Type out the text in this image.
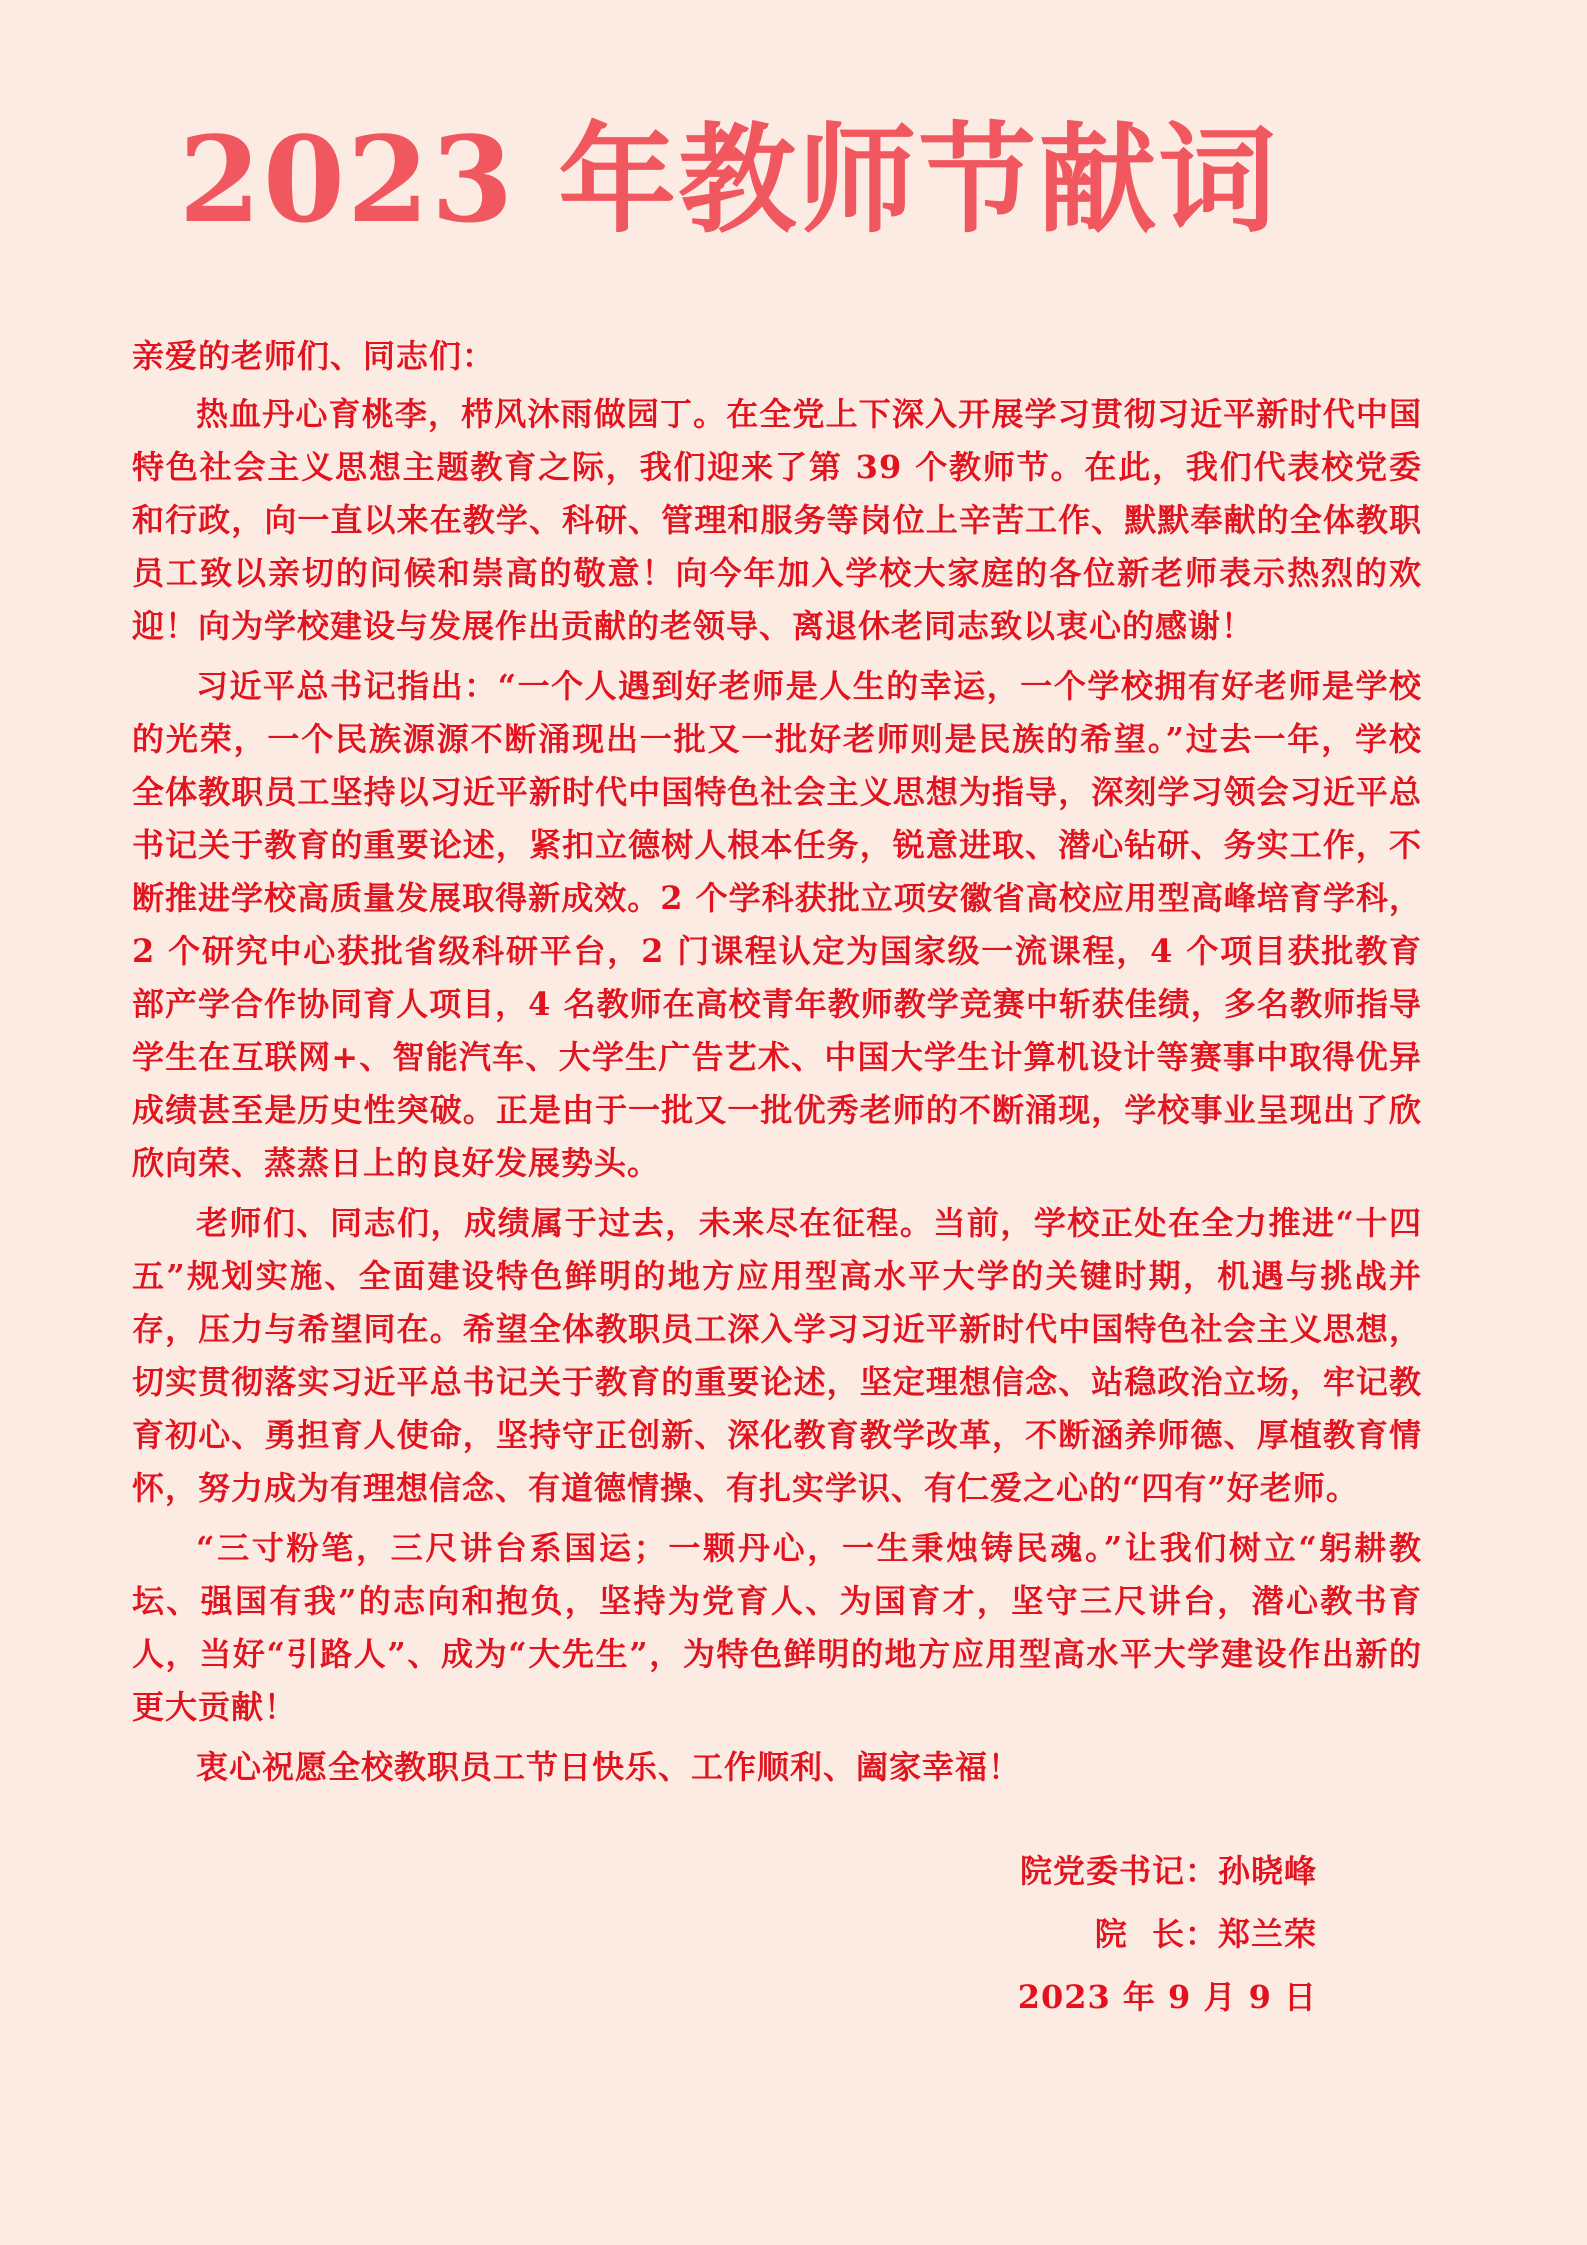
2023 年教师节献词

亲爱的老师们、同志们：

热血丹心育桃李，栉风沐雨做园丁。在全党上下深入开展学习贯彻习近平新时代中国特色社会主义思想主题教育之际，我们迎来了第 39 个教师节。在此，我们代表校党委和行政，向一直以来在教学、科研、管理和服务等岗位上辛苦工作、默默奉献的全体教职员工致以亲切的问候和崇高的敬意！向今年加入学校大家庭的各位新老师表示热烈的欢迎！向为学校建设与发展作出贡献的老领导、离退休老同志致以衷心的感谢！

习近平总书记指出：“一个人遇到好老师是人生的幸运，一个学校拥有好老师是学校的光荣，一个民族源源不断涌现出一批又一批好老师则是民族的希望。”过去一年，学校全体教职员工坚持以习近平新时代中国特色社会主义思想为指导，深刻学习领会习近平总书记关于教育的重要论述，紧扣立德树人根本任务，锐意进取、潜心钻研、务实工作，不断推进学校高质量发展取得新成效。2 个学科获批立项安徽省高校应用型高峰培育学科，2 个研究中心获批省级科研平台，2 门课程认定为国家级一流课程，4 个项目获批教育部产学合作协同育人项目，4 名教师在高校青年教师教学竞赛中斩获佳绩，多名教师指导学生在互联网+、智能汽车、大学生广告艺术、中国大学生计算机设计等赛事中取得优异成绩甚至是历史性突破。正是由于一批又一批优秀老师的不断涌现，学校事业呈现出了欣欣向荣、蒸蒸日上的良好发展势头。

老师们、同志们，成绩属于过去，未来尽在征程。当前，学校正处在全力推进“十四五”规划实施、全面建设特色鲜明的地方应用型高水平大学的关键时期，机遇与挑战并存，压力与希望同在。希望全体教职员工深入学习习近平新时代中国特色社会主义思想，切实贯彻落实习近平总书记关于教育的重要论述，坚定理想信念、站稳政治立场，牢记教育初心、勇担育人使命，坚持守正创新、深化教育教学改革，不断涵养师德、厚植教育情怀，努力成为有理想信念、有道德情操、有扎实学识、有仁爱之心的“四有”好老师。

“三寸粉笔，三尺讲台系国运；一颗丹心，一生秉烛铸民魂。”让我们树立“躬耕教坛、强国有我”的志向和抱负，坚持为党育人、为国育才，坚守三尺讲台，潜心教书育人，当好“引路人”、成为“大先生”，为特色鲜明的地方应用型高水平大学建设作出新的更大贡献！

衷心祝愿全校教职员工节日快乐、工作顺利、阖家幸福！

院党委书记：孙晓峰
院  长：郑兰荣
2023 年 9 月 9 日
